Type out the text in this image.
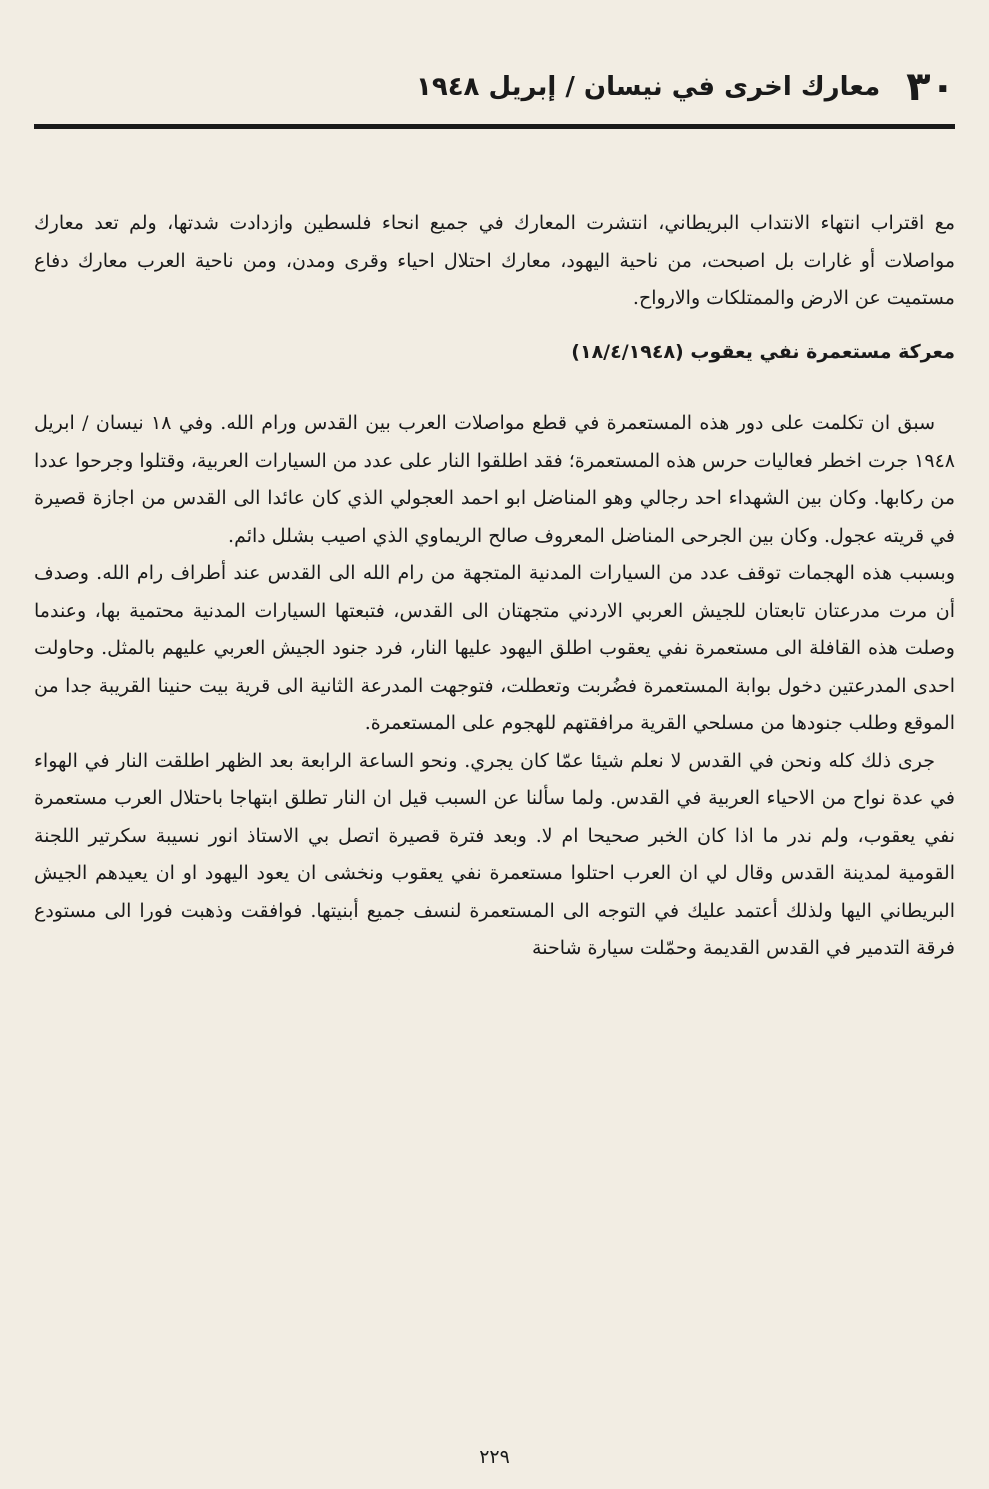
٣٠
معارك اخرى في نيسان / إبريل ١٩٤٨

مع اقتراب انتهاء الانتداب البريطاني، انتشرت المعارك في جميع انحاء فلسطين وازدادت شدتها، ولم تعد معارك مواصلات أو غارات بل اصبحت، من ناحية اليهود، معارك احتلال احياء وقرى ومدن، ومن ناحية العرب معارك دفاع مستميت عن الارض والممتلكات والارواح.

معركة مستعمرة نفي يعقوب (١٨/٤/١٩٤٨)

سبق ان تكلمت على دور هذه المستعمرة في قطع مواصلات العرب بين القدس ورام الله. وفي ١٨ نيسان / ابريل ١٩٤٨ جرت اخطر فعاليات حرس هذه المستعمرة؛ فقد اطلقوا النار على عدد من السيارات العربية، وقتلوا وجرحوا عددا من ركابها. وكان بين الشهداء احد رجالي وهو المناضل ابو احمد العجولي الذي كان عائدا الى القدس من اجازة قصيرة في قريته عجول. وكان بين الجرحى المناضل المعروف صالح الريماوي الذي اصيب بشلل دائم.

وبسبب هذه الهجمات توقف عدد من السيارات المدنية المتجهة من رام الله الى القدس عند أطراف رام الله. وصدف أن مرت مدرعتان تابعتان للجيش العربي الاردني متجهتان الى القدس، فتبعتها السيارات المدنية محتمية بها، وعندما وصلت هذه القافلة الى مستعمرة نفي يعقوب اطلق اليهود عليها النار، فرد جنود الجيش العربي عليهم بالمثل. وحاولت احدى المدرعتين دخول بوابة المستعمرة فضُربت وتعطلت، فتوجهت المدرعة الثانية الى قرية بيت حنينا القريبة جدا من الموقع وطلب جنودها من مسلحي القرية مرافقتهم للهجوم على المستعمرة.

جرى ذلك كله ونحن في القدس لا نعلم شيئا عمّا كان يجري. ونحو الساعة الرابعة بعد الظهر اطلقت النار في الهواء في عدة نواح من الاحياء العربية في القدس. ولما سألنا عن السبب قيل ان النار تطلق ابتهاجا باحتلال العرب مستعمرة نفي يعقوب، ولم ندر ما اذا كان الخبر صحيحا ام لا. وبعد فترة قصيرة اتصل بي الاستاذ انور نسيبة سكرتير اللجنة القومية لمدينة القدس وقال لي ان العرب احتلوا مستعمرة نفي يعقوب ونخشى ان يعود اليهود او ان يعيدهم الجيش البريطاني اليها ولذلك أعتمد عليك في التوجه الى المستعمرة لنسف جميع أبنيتها. فوافقت وذهبت فورا الى مستودع فرقة التدمير في القدس القديمة وحمّلت سيارة شاحنة

٢٢٩
